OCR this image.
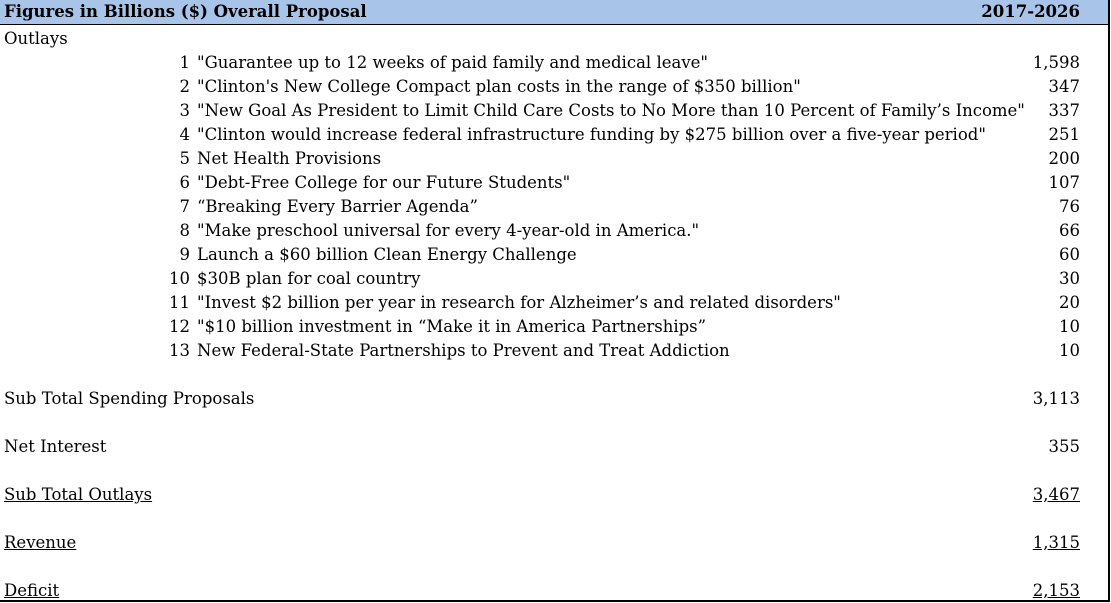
Figures in Billions ($) Overall Proposal	2017-2026
Outlays
1 "Guarantee up to 12 weeks of paid family and medical leave"	1,598
2 "Clinton's New College Compact plan costs in the range of $350 billion"	347
3 "New Goal As President to Limit Child Care Costs to No More than 10 Percent of Family’s Income" 337
4 "Clinton would increase federal infrastructure funding by $275 billion over a five-year period"	251
5 Net Health Provisions	200
6 "Debt-Free College for our Future Students"	107
7 “Breaking Every Barrier Agenda”	76
8 "Make preschool universal for every 4-year-old in America."	66
9 Launch a $60 billion Clean Energy Challenge	60
10 $30B plan for coal country	30
11 "Invest $2 billion per year in research for Alzheimer’s and related disorders"	20
12 "$10 billion investment in “Make it in America Partnerships”	10
13 New Federal-State Partnerships to Prevent and Treat Addiction	10
Sub Total Spending Proposals	3,113
Net Interest	355
Sub Total Outlays	3,467
Revenue	1,315
Deficit	2,153
